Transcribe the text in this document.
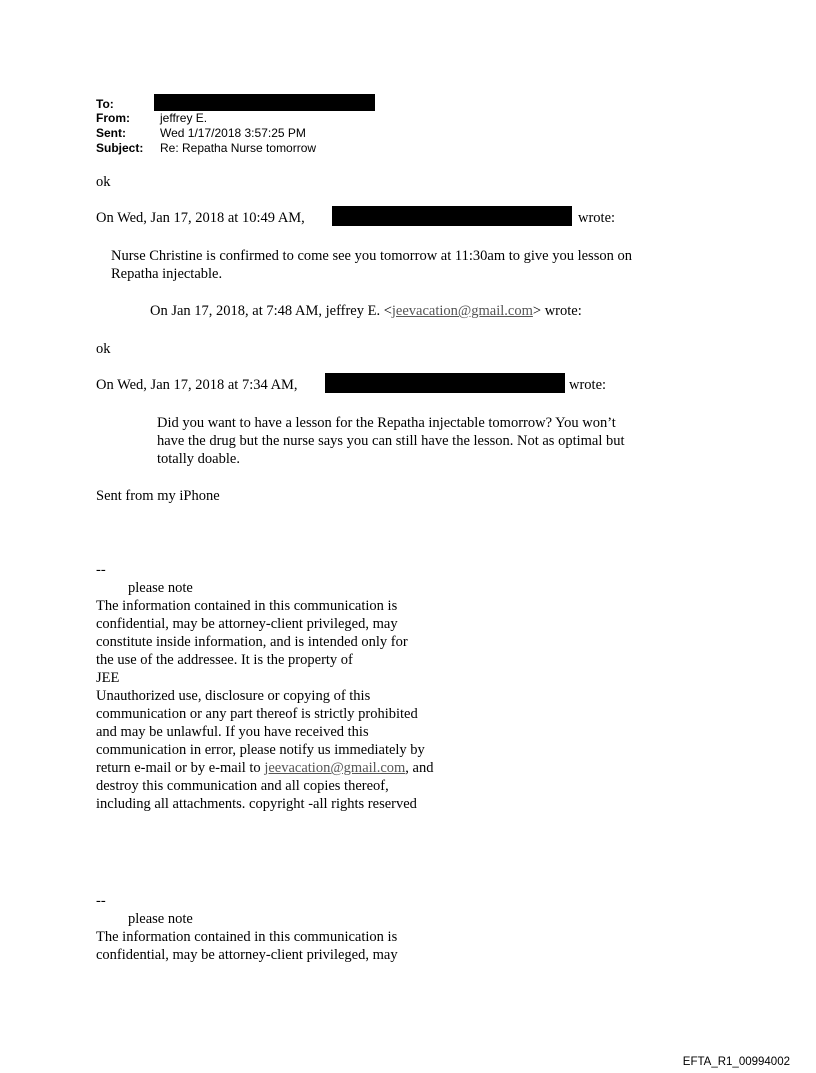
To:
From:	jeffrey E.
Sent:	Wed 1/17/2018 3:57:25 PM
Subject: Re: Repatha Nurse tomorrow
ok
On Wed, Jan 17, 2018 at 10:49 AM,	wrote:
Nurse Christine is confirmed to come see you tomorrow at 11:30am to give you lesson on
Repatha injectable.
On Jan 17, 2018, at 7:48 AM, jeffrey E. <jeevacation@gmail.com> wrote:
ok
On Wed, Jan 17, 2018 at 7:34 AM,	wrote:
Did you want to have a lesson for the Repatha injectable tomorrow? You won’t
have the drug but the nurse says you can still have the lesson. Not as optimal but
totally doable.
Sent from my iPhone
--
please note
The information contained in this communication is
confidential, may be attorney-client privileged, may
constitute inside information, and is intended only for
the use of the addressee. It is the property of
JEE
Unauthorized use, disclosure or copying of this
communication or any part thereof is strictly prohibited
and may be unlawful. If you have received this
communication in error, please notify us immediately by
return e-mail or by e-mail to jeevacation@gmail.com, and
destroy this communication and all copies thereof,
including all attachments. copyright -all rights reserved
--
please note
The information contained in this communication is
confidential, may be attorney-client privileged, may
EFTA_R1_00994002
